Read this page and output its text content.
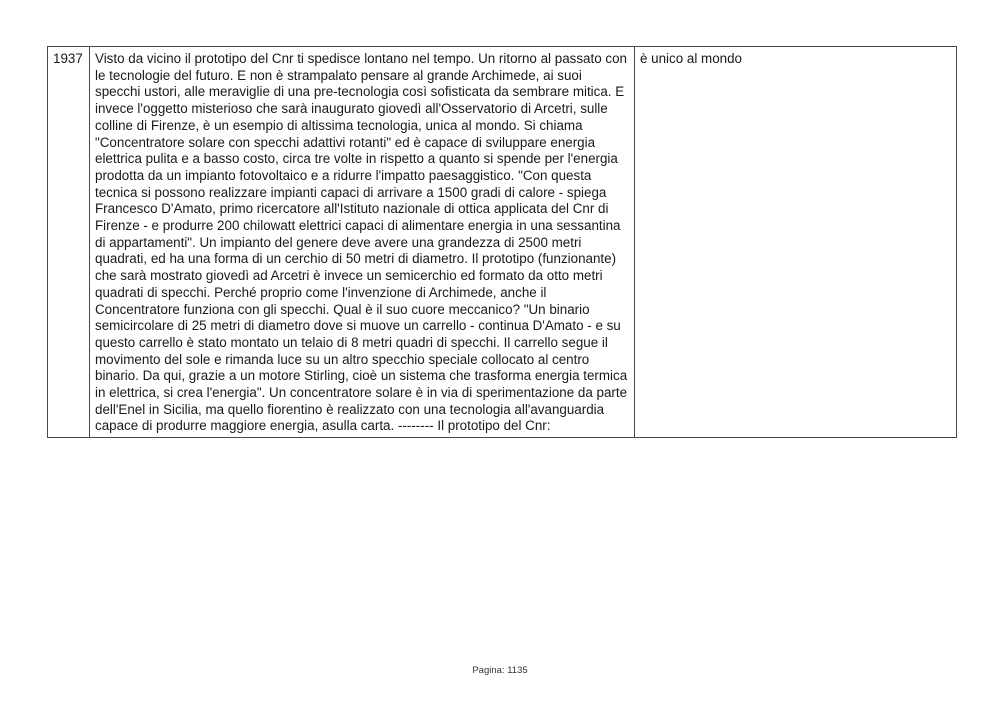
1937	Visto da vicino il prototipo del Cnr ti spedisce lontano nel tempo. Un ritorno al passato con le tecnologie del futuro. E non è strampalato pensare al grande Archimede, ai suoi specchi ustori, alle meraviglie di una pre-tecnologia così sofisticata da sembrare mitica. E invece l'oggetto misterioso che sarà inaugurato giovedì all'Osservatorio di Arcetri, sulle colline di Firenze, è un esempio di altissima tecnologia, unica al mondo. Si chiama "Concentratore solare con specchi adattivi rotanti" ed è capace di sviluppare energia elettrica pulita e a basso costo, circa tre volte in rispetto a quanto si spende per l'energia prodotta da un impianto fotovoltaico e a ridurre l'impatto paesaggistico. "Con questa tecnica si possono realizzare impianti capaci di arrivare a 1500 gradi di calore - spiega Francesco D'Amato, primo ricercatore all'Istituto nazionale di ottica applicata del Cnr di Firenze - e produrre 200 chilowatt elettrici capaci di alimentare energia in una sessantina di appartamenti". Un impianto del genere deve avere una grandezza di 2500 metri quadrati, ed ha una forma di un cerchio di 50 metri di diametro. Il prototipo (funzionante) che sarà mostrato giovedì ad Arcetri è invece un semicerchio ed formato da otto metri quadrati di specchi. Perché proprio come l'invenzione di Archimede, anche il Concentratore funziona con gli specchi. Qual è il suo cuore meccanico? "Un binario semicircolare di 25 metri di diametro dove si muove un carrello - continua D'Amato - e su questo carrello è stato montato un telaio di 8 metri quadri di specchi. Il carrello segue il movimento del sole e rimanda luce su un altro specchio speciale collocato al centro binario. Da qui, grazie a un motore Stirling, cioè un sistema che trasforma energia termica in elettrica, si crea l'energia". Un concentratore solare è in via di sperimentazione da parte dell'Enel in Sicilia, ma quello fiorentino è realizzato con una tecnologia all'avanguardia capace di produrre maggiore energia, asulla carta. -------- Il prototipo del Cnr:	è unico al mondo
Pagina: 1135
